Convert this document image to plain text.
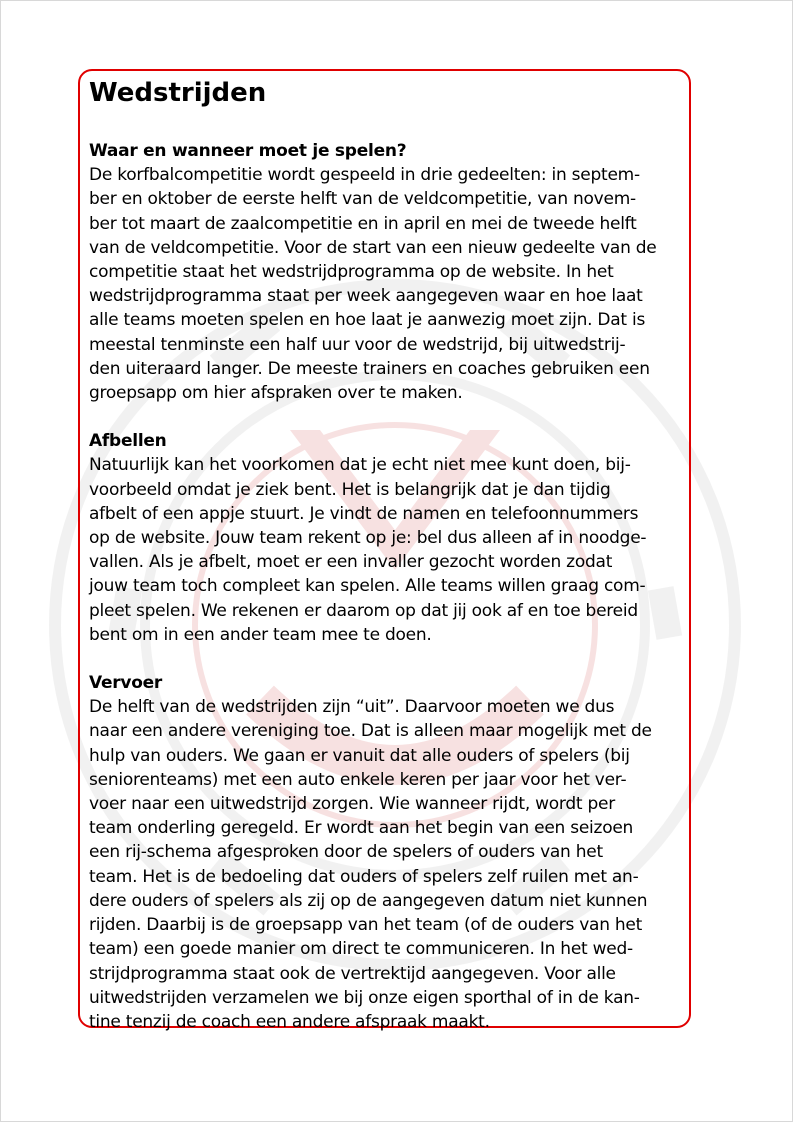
Wedstrijden

Waar en wanneer moet je spelen?

De korfbalcompetitie wordt gespeeld in drie gedeelten: in septem-
ber en oktober de eerste helft van de veldcompetitie, van novem-
ber tot maart de zaalcompetitie en in april en mei de tweede helft
van de veldcompetitie. Voor de start van een nieuw gedeelte van de
competitie staat het wedstrijdprogramma op de website. In het
wedstrijdprogramma staat per week aangegeven waar en hoe laat
alle teams moeten spelen en hoe laat je aanwezig moet zijn. Dat is
meestal tenminste een half uur voor de wedstrijd, bij uitwedstrij-
den uiteraard langer. De meeste trainers en coaches gebruiken een
groepsapp om hier afspraken over te maken.

Afbellen

Natuurlijk kan het voorkomen dat je echt niet mee kunt doen, bij-
voorbeeld omdat je ziek bent. Het is belangrijk dat je dan tijdig
afbelt of een appje stuurt. Je vindt de namen en telefoonnummers
op de website. Jouw team rekent op je: bel dus alleen af in noodge-
vallen. Als je afbelt, moet er een invaller gezocht worden zodat
jouw team toch compleet kan spelen. Alle teams willen graag com-
pleet spelen. We rekenen er daarom op dat jij ook af en toe bereid
bent om in een ander team mee te doen.

Vervoer

De helft van de wedstrijden zijn “uit”. Daarvoor moeten we dus
naar een andere vereniging toe. Dat is alleen maar mogelijk met de
hulp van ouders. We gaan er vanuit dat alle ouders of spelers (bij
seniorenteams) met een auto enkele keren per jaar voor het ver-
voer naar een uitwedstrijd zorgen. Wie wanneer rijdt, wordt per
team onderling geregeld. Er wordt aan het begin van een seizoen
een rij-schema afgesproken door de spelers of ouders van het
team. Het is de bedoeling dat ouders of spelers zelf ruilen met an-
dere ouders of spelers als zij op de aangegeven datum niet kunnen
rijden. Daarbij is de groepsapp van het team (of de ouders van het
team) een goede manier om direct te communiceren. In het wed-
strijdprogramma staat ook de vertrektijd aangegeven. Voor alle
uitwedstrijden verzamelen we bij onze eigen sporthal of in de kan-
tine tenzij de coach een andere afspraak maakt.
